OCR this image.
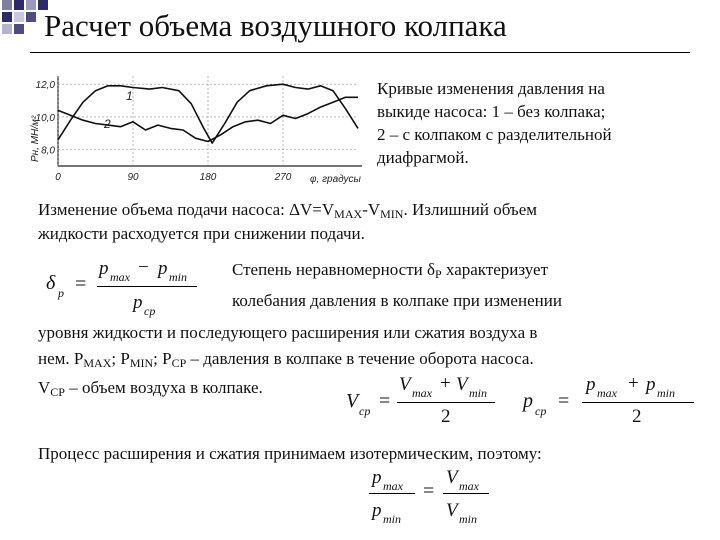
Расчет объема воздушного колпака
8,0
10,0
12,0
0	90	180	270
Pн, МН/м²
φ, градусы
1
2
Кривые изменения давления на
выкиде насоса: 1 – без колпака;
2 – с колпаком с разделительной
диафрагмой.
Изменение объема подачи насоса: $\Delta V=V_{MAX}-V_{MIN}$. Излишний объем
жидкости расходуется при снижении подачи.
δ p =
p max − p min
p cp
Степень неравномерности $\delta_P$ характеризует
колебания давления в колпаке при изменении
уровня жидкости и последующего расширения или сжатия воздуха в
нем. $P_{MAX}$; $P_{MIN}$; $P_{CP}$ – давления в колпаке в течение оборота насоса.
$V_{CP}$ – объем воздуха в колпаке.
V cp =
V max + V min
2
p cp =
p max + p min
2
Процесс расширения и сжатия принимаем изотермическим, поэтому:
p max
p min
=
V max
V min
